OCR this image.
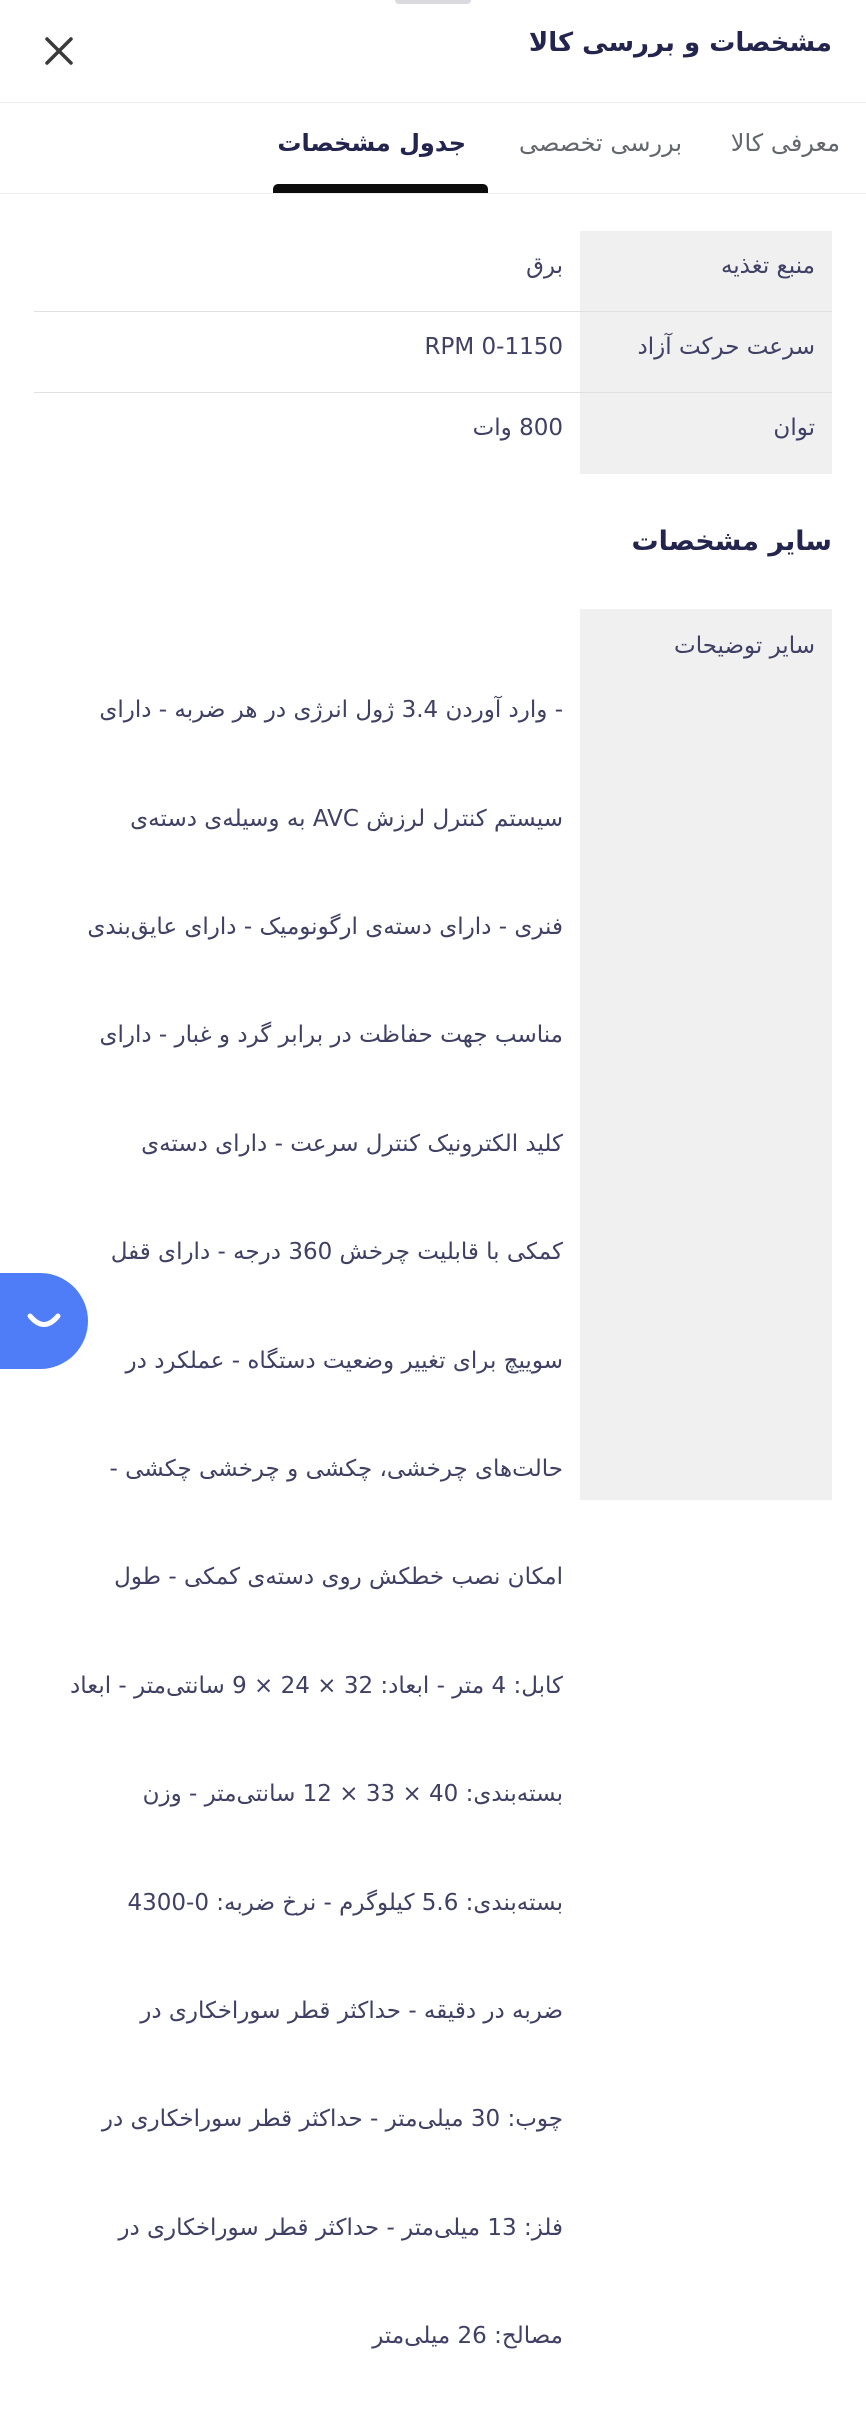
مشخصات و بررسی کالا
معرفی کالا
بررسی تخصصی
جدول مشخصات
منبع تغذیه
برق
سرعت حرکت آزاد
0-1150 RPM
توان
800 وات
سایر مشخصات
سایر توضیحات

- وارد آوردن 3.4 ژول انرژی در هر ضربه - دارای

سیستم کنترل لرزش AVC به وسیله‌ی دسته‌ی

فنری - دارای دسته‌ی ارگونومیک - دارای عایق‌بندی

مناسب جهت حفاظت در برابر گرد و غبار - دارای

کلید الکترونیک کنترل سرعت - دارای دسته‌ی

کمکی با قابلیت چرخش 360 درجه - دارای قفل

سوییچ برای تغییر وضعیت دستگاه - عملکرد در

حالت‌های چرخشی، چکشی و چرخشی چکشی -

امکان نصب خطکش روی دسته‌ی کمکی - طول

کابل: 4 متر - ابعاد: 32 × 24 × 9 سانتی‌متر - ابعاد

بسته‌بندی: 40 × 33 × 12 سانتی‌متر - وزن

بسته‌بندی: 5.6 کیلوگرم - نرخ ضربه: 0-4300

ضربه در دقیقه - حداکثر قطر سوراخکاری در

چوب: 30 میلی‌متر - حداکثر قطر سوراخکاری در

فلز: 13 میلی‌متر - حداکثر قطر سوراخکاری در

مصالح: 26 میلی‌متر
